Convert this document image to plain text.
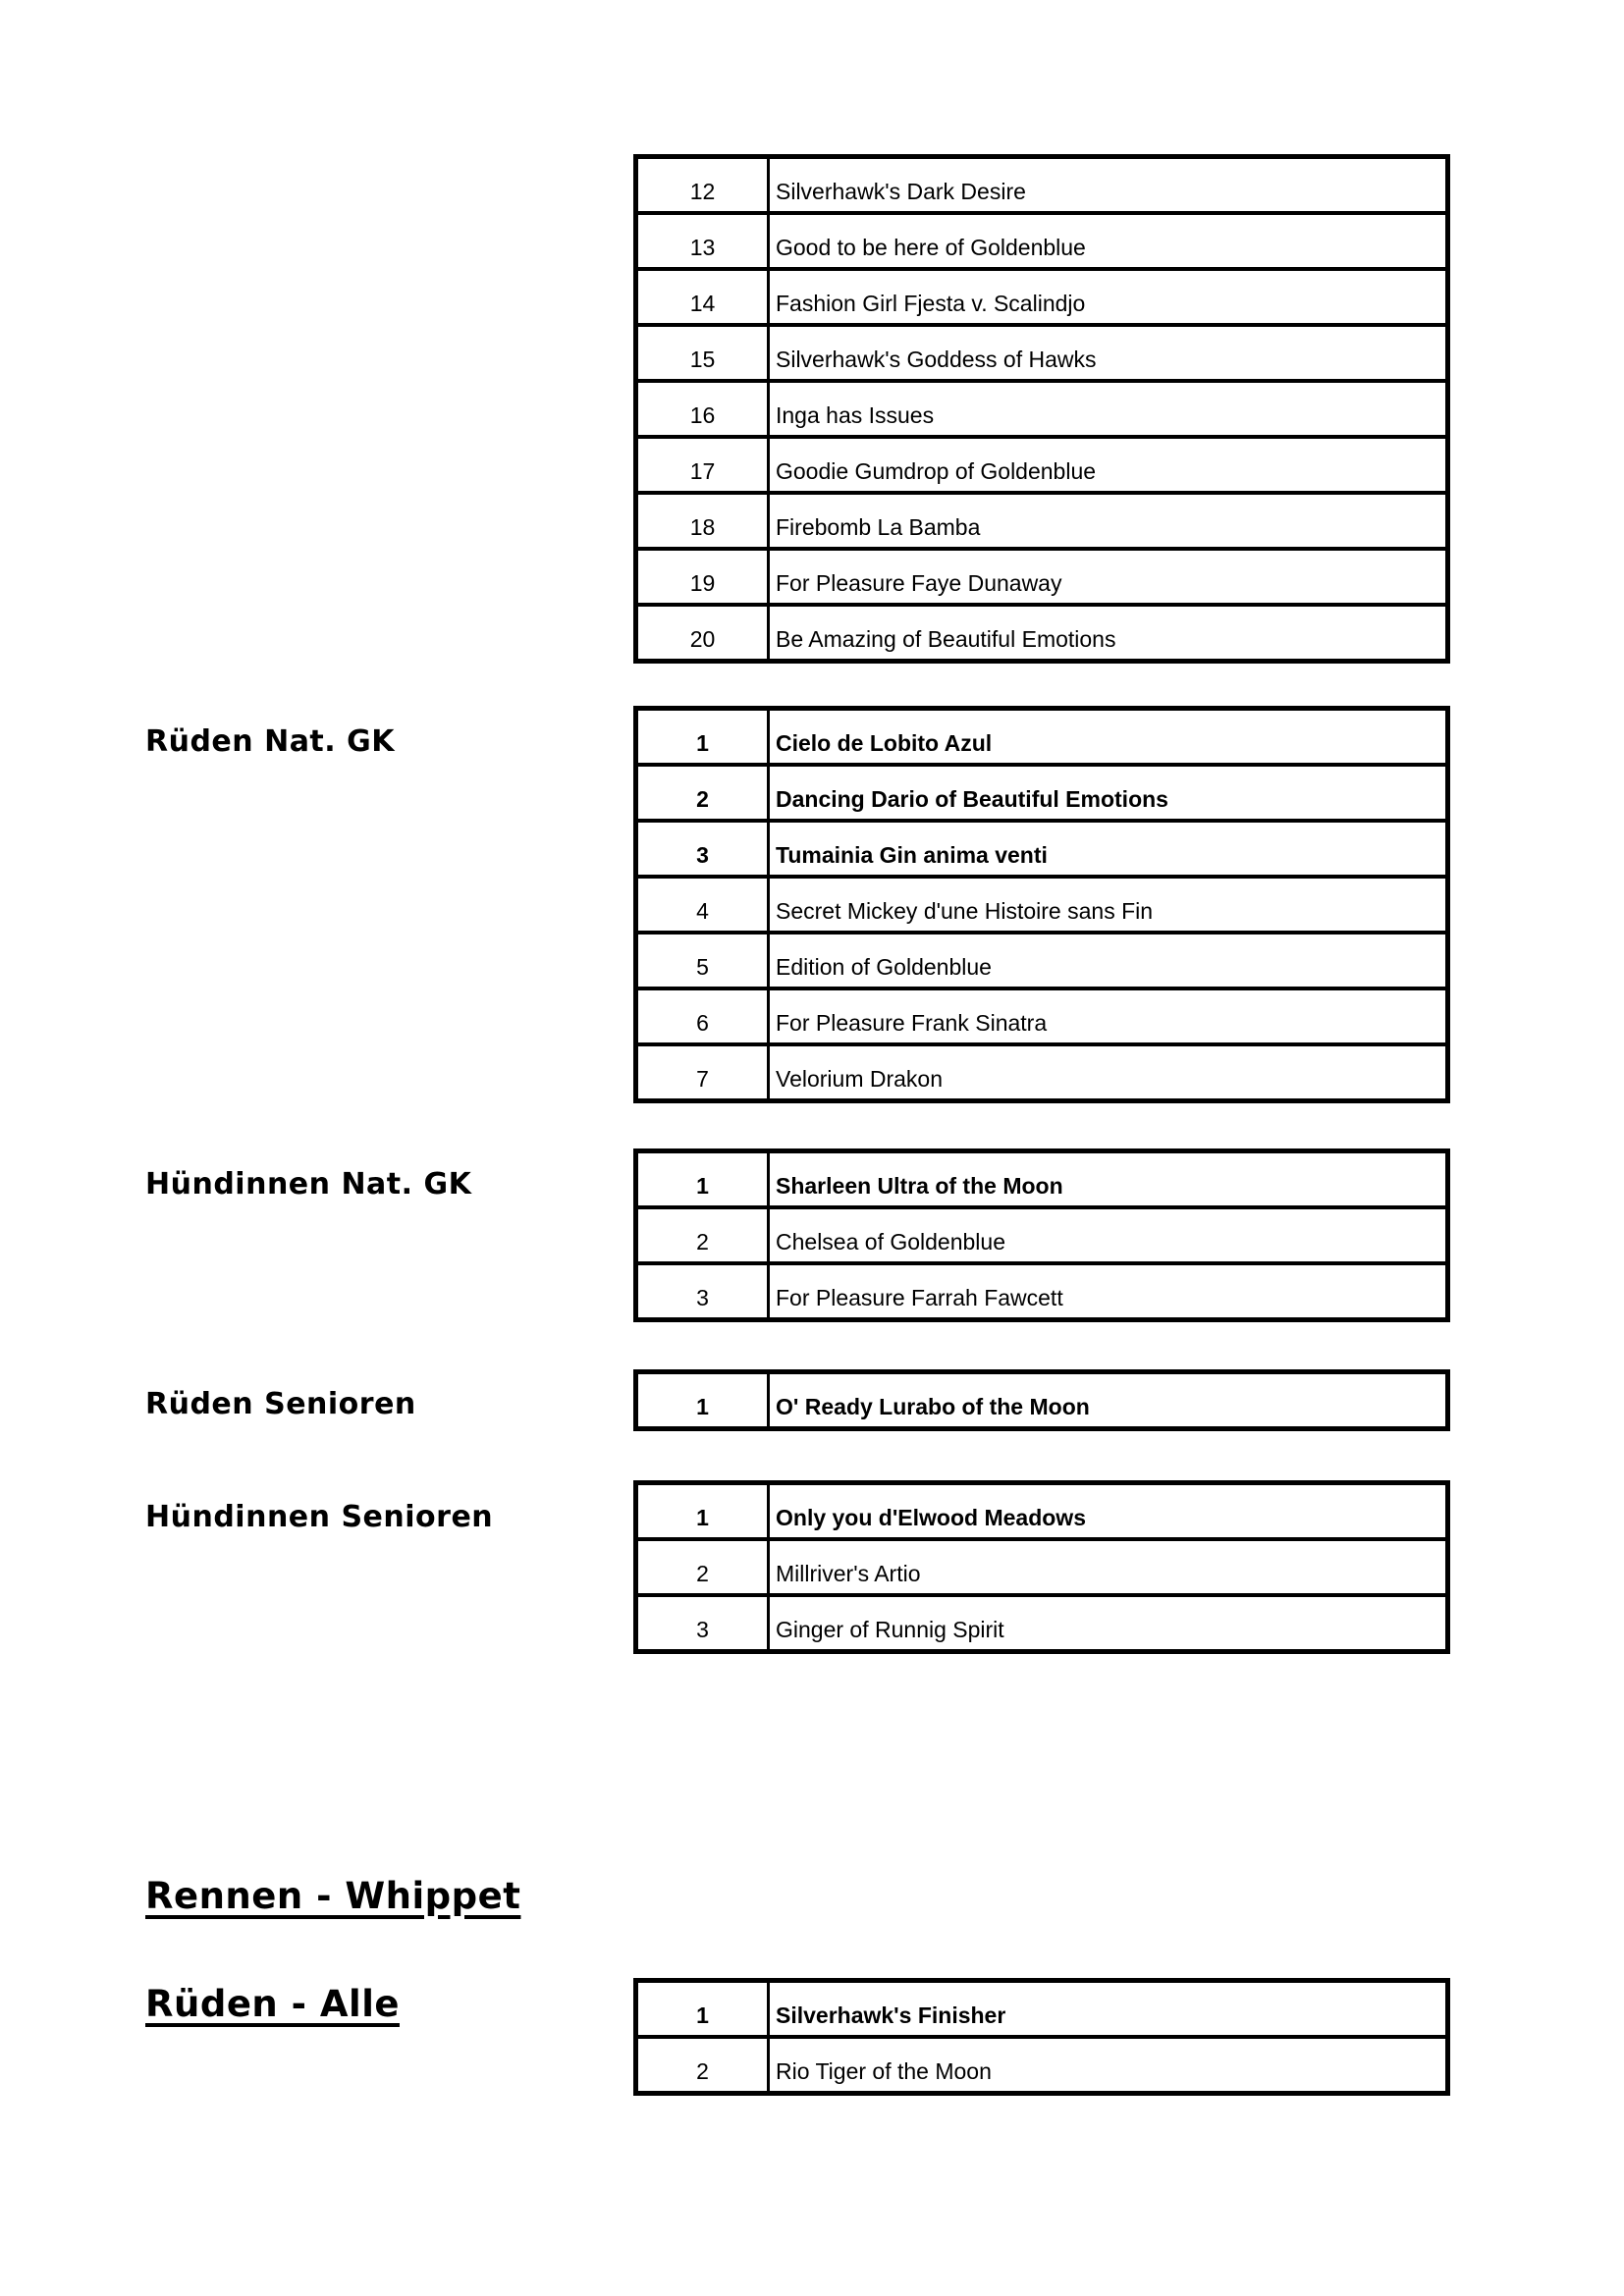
Rüden Nat. GK
Hündinnen Nat. GK
Rüden Senioren
Hündinnen Senioren
Rennen - Whippet
Rüden - Alle
12	Silverhawk's Dark Desire
13	Good to be here of Goldenblue
14	Fashion Girl Fjesta v. Scalindjo
15	Silverhawk's Goddess of Hawks
16	Inga has Issues
17	Goodie Gumdrop of Goldenblue
18	Firebomb La Bamba
19	For Pleasure Faye Dunaway
20	Be Amazing of Beautiful Emotions
1	Cielo de Lobito Azul
2	Dancing Dario of Beautiful Emotions
3	Tumainia Gin anima venti
4	Secret Mickey d'une Histoire sans Fin
5	Edition of Goldenblue
6	For Pleasure Frank Sinatra
7	Velorium Drakon
1	Sharleen Ultra of the Moon
2	Chelsea of Goldenblue
3	For Pleasure Farrah Fawcett
1	O' Ready Lurabo of the Moon
1	Only you d'Elwood Meadows
2	Millriver's Artio
3	Ginger of Runnig Spirit
1	Silverhawk's Finisher
2	Rio Tiger of the Moon
